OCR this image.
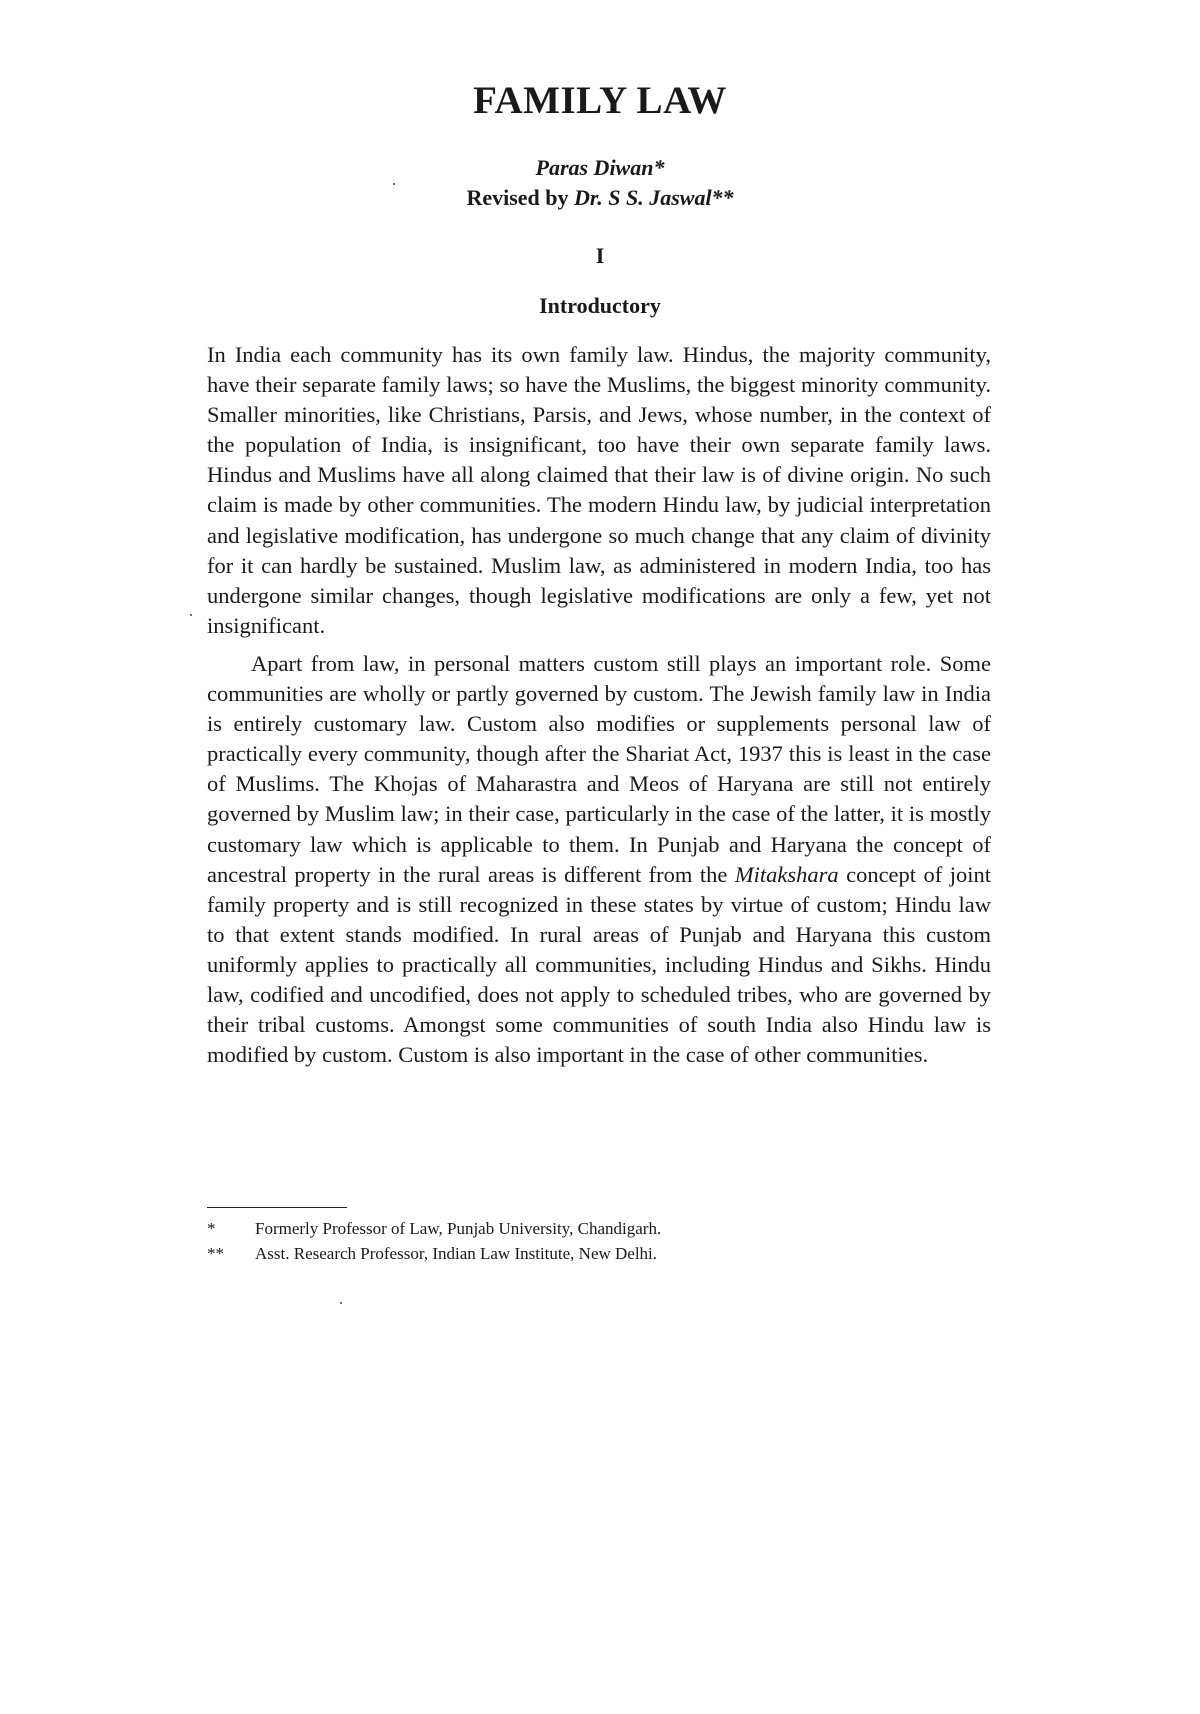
FAMILY LAW
Paras Diwan*
Revised by Dr. S S. Jaswal**
I
Introductory

In India each community has its own family law. Hindus, the majority community, have their separate family laws; so have the Muslims, the biggest minority community. Smaller minorities, like Christians, Parsis, and Jews, whose number, in the context of the population of India, is insignificant, too have their own separate family laws. Hindus and Muslims have all along claimed that their law is of divine origin. No such claim is made by other communities. The modern Hindu law, by judicial interpretation and legislative modification, has undergone so much change that any claim of divinity for it can hardly be sustained. Muslim law, as administered in modern India, too has undergone similar changes, though legislative modifications are only a few, yet not insignificant.

Apart from law, in personal matters custom still plays an important role. Some communities are wholly or partly governed by custom. The Jewish family law in India is entirely customary law. Custom also modifies or supplements personal law of practically every community, though after the Shariat Act, 1937 this is least in the case of Muslims. The Khojas of Maharastra and Meos of Haryana are still not entirely governed by Muslim law; in their case, particularly in the case of the latter, it is mostly customary law which is applicable to them. In Punjab and Haryana the concept of ancestral property in the rural areas is different from the Mitakshara concept of joint family property and is still recognized in these states by virtue of custom; Hindu law to that extent stands modified. In rural areas of Punjab and Haryana this custom uniformly applies to practically all communities, including Hindus and Sikhs. Hindu law, codified and uncodified, does not apply to scheduled tribes, who are governed by their tribal customs. Amongst some communities of south India also Hindu law is modified by custom. Custom is also important in the case of other communities.

* Formerly Professor of Law, Punjab University, Chandigarh.
** Asst. Research Professor, Indian Law Institute, New Delhi.
